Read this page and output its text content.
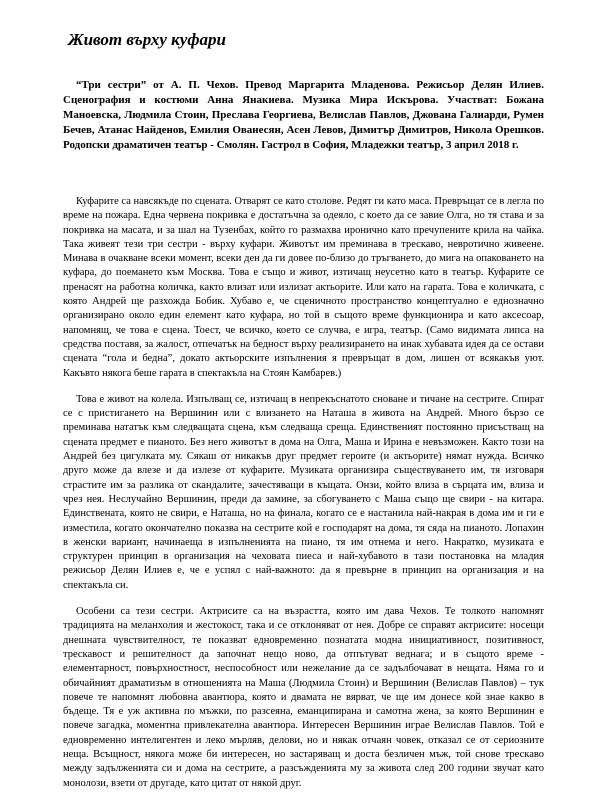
Живот върху куфари

“Три сестри” от А. П. Чехов. Превод Маргарита Младенова. Режисьор Делян Илиев. Сценография и костюми Анна Янакиева. Музика Мира Искърова. Участват: Божана Маноевска, Людмила Стоин, Преслава Георгиева, Велислав Павлов, Джована Галиарди, Румен Бечев, Атанас Найденов, Емилия Ованесян, Асен Левов, Димитър Димитров, Никола Орешков. Родопски драматичен театър - Смолян. Гастрол в София, Младежки театър, 3 април 2018 г.

Куфарите са навсякъде по сцената. Отварят се като столове. Редят ги като маса. Превръщат се в легла по време на пожара. Една червена покривка е достатъчна за одеяло, с което да се завие Олга, но тя става и за покривка на масата, и за шал на Тузенбах, който го размахва иронично като пречупените крила на чайка. Така живеят тези три сестри - върху куфари. Животът им преминава в трескаво, невротично живеене. Минава в очакване всеки момент, всеки ден да ги довее по-близо до тръгването, до мига на опаковането на куфара, до поемането към Москва. Това е също и живот, изтичащ неусетно като в театър. Куфарите се пренасят на работна количка, както влизат или излизат актьорите. Или като на гарата. Това е количката, с която Андрей ще разхожда Бобик. Хубаво е, че сценичното пространство концептуално е еднозначно организирано около един елемент като куфара, но той в същото време функционира и като аксесоар, напомнящ, че това е сцена. Тоест, че всичко, което се случва, е игра, театър. (Само видимата липса на средства поставя, за жалост, отпечатък на бедност върху реализирането на инак хубавата идея да се остави сцената “гола и бедна”, докато актьорските изпълнения я превръщат в дом, лишен от всякакъв уют. Какъвто някога беше гарата в спектакъла на Стоян Камбарев.)

Това е живот на колела. Изпълващ се, изтичащ в непрекъснатото сноване и тичане на сестрите. Спират се с пристигането на Вершинин или с влизането на Наташа в живота на Андрей. Много бързо се преминава нататък към следващата сцена, към следваща среща. Единственият постоянно присъстващ на сцената предмет е пианото. Без него животът в дома на Олга, Маша и Ирина е невъзможен. Както този на Андрей без цигулката му. Сякаш от никакъв друг предмет героите (и актьорите) нямат нужда. Всичко друго може да влезе и да излезе от куфарите. Музиката организира съществуването им, тя изговаря страстите им за разлика от скандалите, зачестяващи в къщата. Онзи, който влиза в сърцата им, влиза и чрез нея. Неслучайно Вершинин, преди да замине, за сбогуването с Маша също ще свири - на китара. Единствената, която не свири, е Наташа, но на финала, когато се е настанила най-накрая в дома им и ги е изместила, когато окончателно показва на сестрите кой е господарят на дома, тя сяда на пианото. Лопахин в женски вариант, начинаеща в изпълненията на пиано, тя им отнема и него. Накратко, музиката е структурен принцип в организация на чеховата пиеса и най-хубавото в тази постановка на младия режисьор Делян Илиев е, че е успял с най-важното: да я превърне в принцип на организация и на спектакъла си.

Особени са тези сестри. Актрисите са на възрастта, която им дава Чехов. Те толкото напомнят традицията на меланхолия и жестокост, така и се отклоняват от нея. Добре се справят актрисите: носещи днешната чувствителност, те показват едновременно познатата модна инициативност, позитивност, трескавост и решителност да започнат нещо ново, да отпътуват веднага; и в същото време - елементарност, повърхностност, неспособност или нежелание да се задълбочават в нещата. Няма го и обичайният драматизъм в отношенията на Маша (Людмила Стоин) и Вершинин (Велислав Павлов) – тук повече те напомнят любовна авантюра, която и двамата не вярват, че ще им донесе кой знае какво в бъдеще. Тя е уж активна по мъжки, по разсеяна, еманципирана и самотна жена, за която Вершинин е повече загадка, моментна привлекателна авантюра. Интересен Вершинин играе Велислав Павлов. Той е едновременно интелигентен и леко мърляв, делови, но и някак отчаян човек, отказал се от сериозните неща. Всъщност, някога може би интересен, но застаряващ и доста безличен мъж, той снове трескаво между задълженията си и дома на сестрите, а разсъжденията му за живота след 200 години звучат като монолози, взети от другаде, като цитат от някой друг.
